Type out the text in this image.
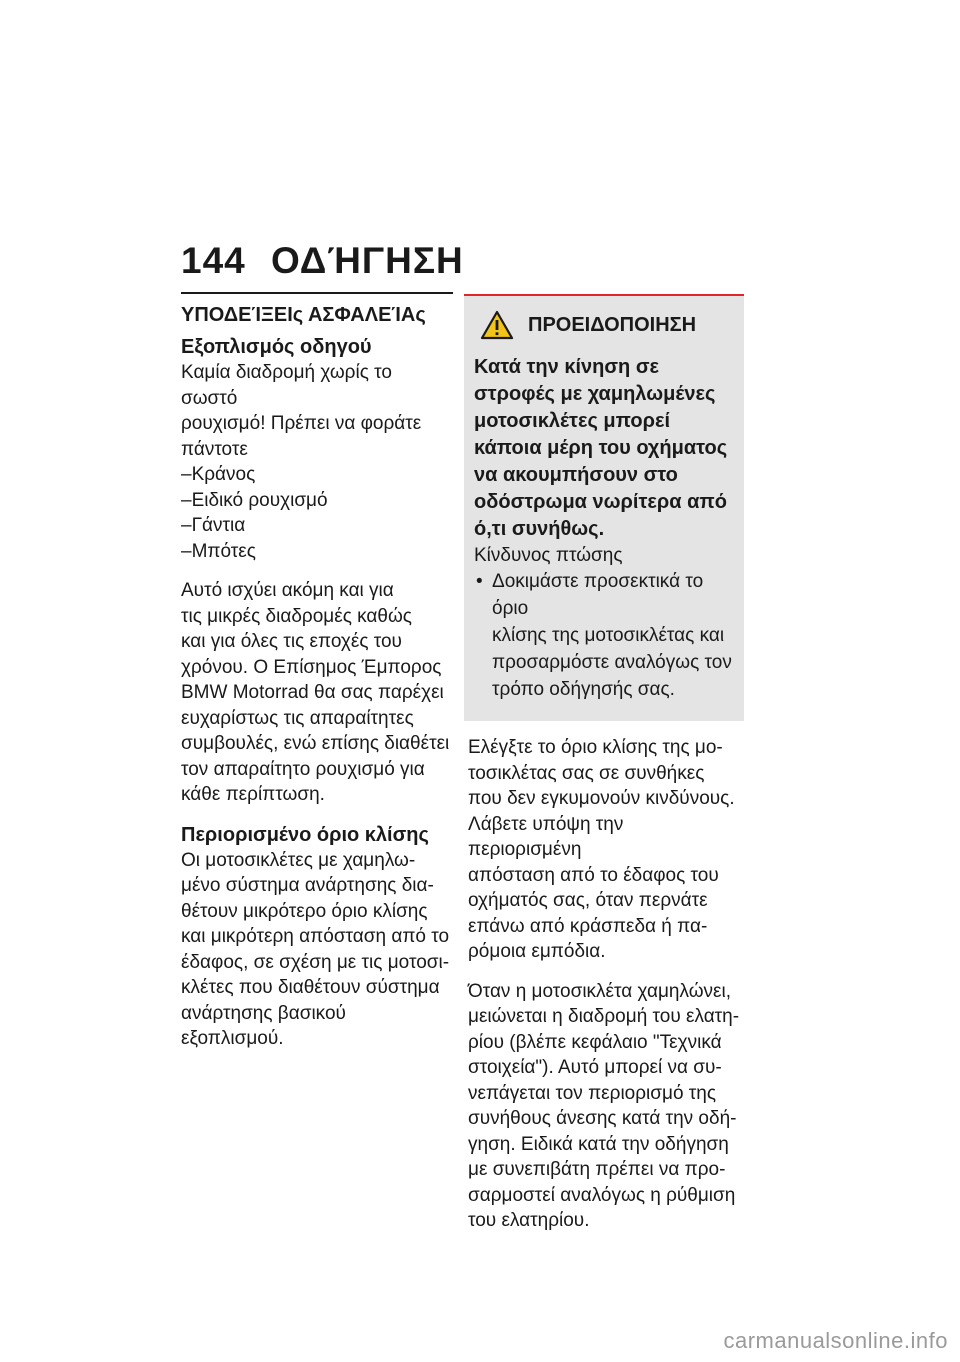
144 ΟΔΉΓΗΣΗ
ΥΠΟΔΕΊΞΕΙς ΑΣΦΑΛΕΊΑς
Εξοπλισμός οδηγού

Καμία διαδρομή χωρίς το σωστό
ρουχισμό! Πρέπει να φοράτε
πάντοτε

–Κράνος
–Ειδικό ρουχισμό
–Γάντια
–Μπότες

Αυτό ισχύει ακόμη και για
τις μικρές διαδρομές καθώς
και για όλες τις εποχές του
χρόνου. Ο Επίσημος Έμπορος
BMW Motorrad θα σας παρέχει
ευχαρίστως τις απαραίτητες
συμβουλές, ενώ επίσης διαθέτει
τον απαραίτητο ρουχισμό για
κάθε περίπτωση.

Περιορισμένο όριο κλίσης

Οι μοτοσικλέτες με χαμηλω-
μένο σύστημα ανάρτησης δια-
θέτουν μικρότερο όριο κλίσης
και μικρότερη απόσταση από το
έδαφος, σε σχέση με τις μοτοσι-
κλέτες που διαθέτουν σύστημα
ανάρτησης βασικού εξοπλισμού.

ΠΡΟΕΙΔΟΠΟΙΗΣΗ
Κατά την κίνηση σε
στροφές με χαμηλωμένες
μοτοσικλέτες μπορεί
κάποια μέρη του οχήματος
να ακουμπήσουν στο
οδόστρωμα νωρίτερα από
ό,τι συνήθως.
Κίνδυνος πτώσης
• Δοκιμάστε προσεκτικά το όριο
κλίσης της μοτοσικλέτας και
προσαρμόστε αναλόγως τον
τρόπο οδήγησής σας.

Ελέγξτε το όριο κλίσης της μο-
τοσικλέτας σας σε συνθήκες
που δεν εγκυμονούν κινδύνους.
Λάβετε υπόψη την περιορισμένη
απόσταση από το έδαφος του
οχήματός σας, όταν περνάτε
επάνω από κράσπεδα ή πα-
ρόμοια εμπόδια.

Όταν η μοτοσικλέτα χαμηλώνει,
μειώνεται η διαδρομή του ελατη-
ρίου (βλέπε κεφάλαιο "Τεχνικά
στοιχεία"). Αυτό μπορεί να συ-
νεπάγεται τον περιορισμό της
συνήθους άνεσης κατά την οδή-
γηση. Ειδικά κατά την οδήγηση
με συνεπιβάτη πρέπει να προ-
σαρμοστεί αναλόγως η ρύθμιση
του ελατηρίου.

carmanualsonline.info
